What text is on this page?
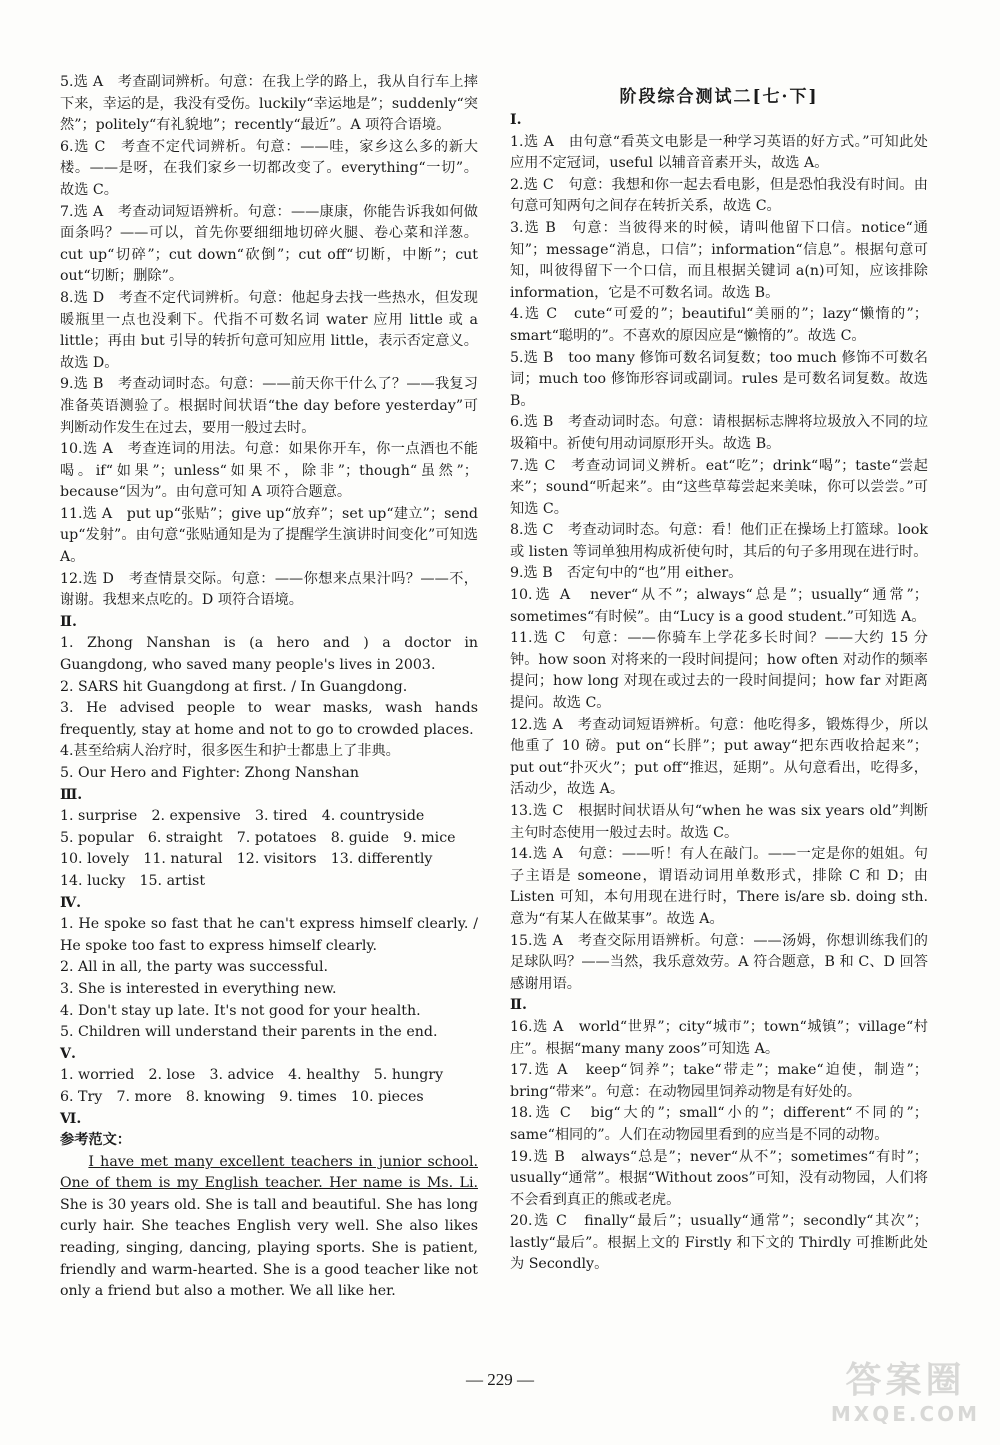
5.选 A　考查副词辨析。句意：在我上学的路上，我从自行车上摔下来，幸运的是，我没有受伤。luckily“幸运地是”；suddenly“突然”；politely“有礼貌地”；recently“最近”。A 项符合语境。

6.选 C　考查不定代词辨析。句意：——哇，家乡这么多的新大楼。——是呀，在我们家乡一切都改变了。everything“一切”。故选 C。

7.选 A　考查动词短语辨析。句意：——康康，你能告诉我如何做面条吗？——可以，首先你要细细地切碎火腿、卷心菜和洋葱。cut up“切碎”；cut down“砍倒”；cut off“切断，中断”；cut out“切断；删除”。

8.选 D　考查不定代词辨析。句意：他起身去找一些热水，但发现暖瓶里一点也没剩下。代指不可数名词 water 应用 little 或 a little；再由 but 引导的转折句意可知应用 little，表示否定意义。故选 D。

9.选 B　考查动词时态。句意：——前天你干什么了？——我复习准备英语测验了。根据时间状语“the day before yesterday”可判断动作发生在过去，要用一般过去时。

10.选 A　考查连词的用法。句意：如果你开车，你一点酒也不能喝。if“如果”；unless“如果不，除非”；though“虽然”；because“因为”。由句意可知 A 项符合题意。

11.选 A　put up“张贴”；give up“放弃”；set up“建立”；send up“发射”。由句意“张贴通知是为了提醒学生演讲时间变化”可知选 A。

12.选 D　考查情景交际。句意：——你想来点果汁吗？——不，谢谢。我想来点吃的。D 项符合语境。

Ⅱ.

1. Zhong Nanshan is (a hero and ) a doctor in Guangdong, who saved many people's lives in 2003.

2. SARS hit Guangdong at first. / In Guangdong.

3. He advised people to wear masks, wash hands frequently, stay at home and not to go to crowded places.

4.甚至给病人治疗时，很多医生和护士都患上了非典。

5. Our Hero and Fighter: Zhong Nanshan

Ⅲ.

1. surprise　2. expensive　3. tired　4. countryside

5. popular　6. straight　7. potatoes　8. guide　9. mice

10. lovely　11. natural　12. visitors　13. differently

14. lucky　15. artist

Ⅳ.

1. He spoke so fast that he can't express himself clearly. / He spoke too fast to express himself clearly.

2. All in all, the party was successful.

3. She is interested in everything new.

4. Don't stay up late. It's not good for your health.

5. Children will understand their parents in the end.

Ⅴ.

1. worried　2. lose　3. advice　4. healthy　5. hungry

6. Try　7. more　8. knowing　9. times　10. pieces

Ⅵ.

参考范文：

I have met many excellent teachers in junior school. One of them is my English teacher. Her name is Ms. Li. She is 30 years old. She is tall and beautiful. She has long curly hair. She teaches English very well. She also likes reading, singing, dancing, playing sports. She is patient, friendly and warm-hearted. She is a good teacher like not only a friend but also a mother. We all like her.

阶段综合测试二[七·下]

Ⅰ.

1.选 A　由句意“看英文电影是一种学习英语的好方式。”可知此处应用不定冠词，useful 以辅音音素开头，故选 A。

2.选 C　句意：我想和你一起去看电影，但是恐怕我没有时间。由句意可知两句之间存在转折关系，故选 C。

3.选 B　句意：当彼得来的时候，请叫他留下口信。notice“通知”；message“消息，口信”；information“信息”。根据句意可知，叫彼得留下一个口信，而且根据关键词 a(n)可知，应该排除 information，它是不可数名词。故选 B。

4.选 C　cute“可爱的”；beautiful“美丽的”；lazy“懒惰的”；smart“聪明的”。不喜欢的原因应是“懒惰的”。故选 C。

5.选 B　too many 修饰可数名词复数；too much 修饰不可数名词；much too 修饰形容词或副词。rules 是可数名词复数。故选 B。

6.选 B　考查动词时态。句意：请根据标志牌将垃圾放入不同的垃圾箱中。祈使句用动词原形开头。故选 B。

7.选 C　考查动词词义辨析。eat“吃”；drink“喝”；taste“尝起来”；sound“听起来”。由“这些草莓尝起来美味，你可以尝尝。”可知选 C。

8.选 C　考查动词时态。句意：看！他们正在操场上打篮球。look 或 listen 等词单独用构成祈使句时，其后的句子多用现在进行时。

9.选 B　否定句中的“也”用 either。

10.选 A　never“从不”；always“总是”；usually“通常”；sometimes“有时候”。由“Lucy is a good student.”可知选 A。

11.选 C　句意：——你骑车上学花多长时间？——大约 15 分钟。how soon 对将来的一段时间提问；how often 对动作的频率提问；how long 对现在或过去的一段时间提问；how far 对距离提问。故选 C。

12.选 A　考查动词短语辨析。句意：他吃得多，锻炼得少，所以他重了 10 磅。put on“长胖”；put away“把东西收拾起来”；put out“扑灭火”；put off“推迟，延期”。从句意看出，吃得多，活动少，故选 A。

13.选 C　根据时间状语从句“when he was six years old”判断主句时态使用一般过去时。故选 C。

14.选 A　句意：——听！有人在敲门。——一定是你的姐姐。句子主语是 someone，谓语动词用单数形式，排除 C 和 D；由 Listen 可知，本句用现在进行时，There is/are sb. doing sth. 意为“有某人在做某事”。故选 A。

15.选 A　考查交际用语辨析。句意：——汤姆，你想训练我们的足球队吗？——当然，我乐意效劳。A 符合题意，B 和 C、D 回答感谢用语。

Ⅱ.

16.选 A　world“世界”；city“城市”；town“城镇”；village“村庄”。根据“many many zoos”可知选 A。

17.选 A　keep“饲养”；take“带走”；make“迫使，制造”；bring“带来”。句意：在动物园里饲养动物是有好处的。

18.选 C　big“大的”；small“小的”；different“不同的”；same“相同的”。人们在动物园里看到的应当是不同的动物。

19.选 B　always“总是”；never“从不”；sometimes“有时”；usually“通常”。根据“Without zoos”可知，没有动物园，人们将不会看到真正的熊或老虎。

20.选 C　finally“最后”；usually“通常”；secondly“其次”；lastly“最后”。根据上文的 Firstly 和下文的 Thirdly 可推断此处为 Secondly。

— 229 —	答案圈
MXQE.COM
